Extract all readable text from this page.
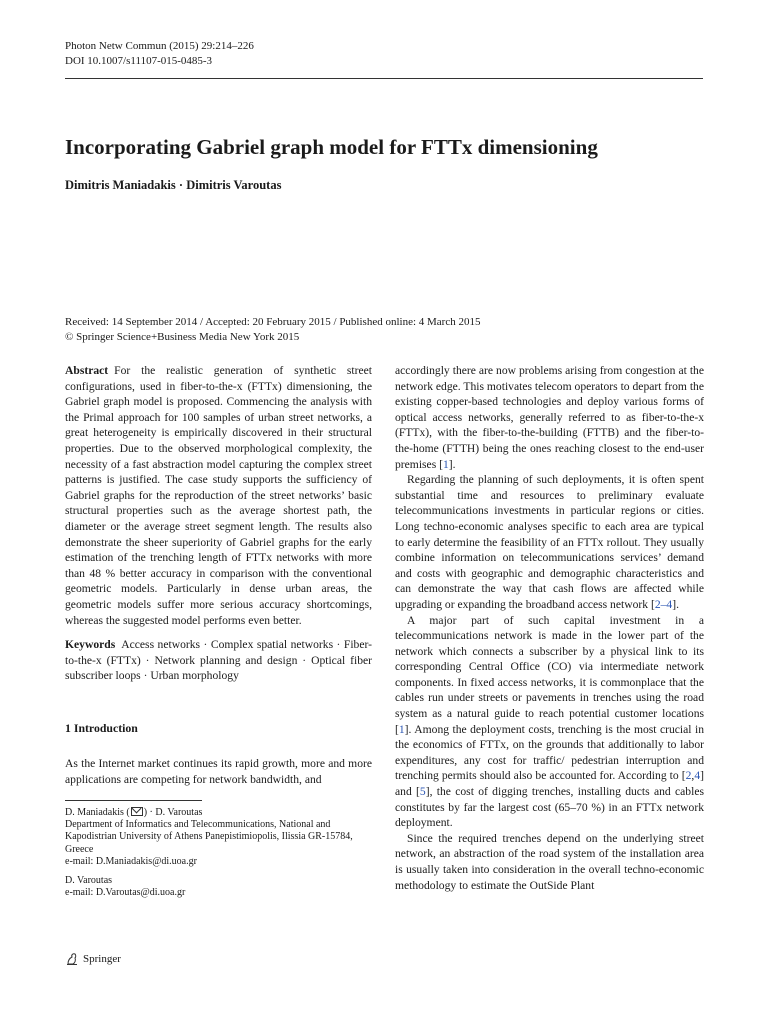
Photon Netw Commun (2015) 29:214–226
DOI 10.1007/s11107-015-0485-3
Incorporating Gabriel graph model for FTTx dimensioning
Dimitris Maniadakis · Dimitris Varoutas
Received: 14 September 2014 / Accepted: 20 February 2015 / Published online: 4 March 2015
© Springer Science+Business Media New York 2015

Abstract For the realistic generation of synthetic street configurations, used in fiber-to-the-x (FTTx) dimensioning, the Gabriel graph model is proposed. Commencing the analysis with the Primal approach for 100 samples of urban street networks, a great heterogeneity is empirically discovered in their structural properties. Due to the observed morphological complexity, the necessity of a fast abstraction model capturing the complex street patterns is justified. The case study supports the sufficiency of Gabriel graphs for the reproduction of the street networks’ basic structural properties such as the average shortest path, the diameter or the average street segment length. The results also demonstrate the sheer superiority of Gabriel graphs for the early estimation of the trenching length of FTTx networks with more than 48 % better accuracy in comparison with the conventional geometric models. Particularly in dense urban areas, the geometric models suffer more serious accuracy shortcomings, whereas the suggested model performs even better.

Keywords Access networks · Complex spatial networks · Fiber-to-the-x (FTTx) · Network planning and design · Optical fiber subscriber loops · Urban morphology

1 Introduction

As the Internet market continues its rapid growth, more and more applications are competing for network bandwidth, and

D. Maniadakis ( ) · D. Varoutas

Department of Informatics and Telecommunications, National and Kapodistrian University of Athens Panepistimiopolis, Ilissia GR-15784, Greece

e-mail: D.Maniadakis@di.uoa.gr

D. Varoutas

e-mail: D.Varoutas@di.uoa.gr

accordingly there are now problems arising from congestion at the network edge. This motivates telecom operators to depart from the existing copper-based technologies and deploy various forms of optical access networks, generally referred to as fiber-to-the-x (FTTx), with the fiber-to-the-building (FTTB) and the fiber-to-the-home (FTTH) being the ones reaching closest to the end-user premises [1].

Regarding the planning of such deployments, it is often spent substantial time and resources to preliminary evaluate telecommunications investments in particular regions or cities. Long techno-economic analyses specific to each area are typical to early determine the feasibility of an FTTx rollout. They usually combine information on telecommunications services’ demand and costs with geographic and demographic characteristics and can demonstrate the way that cash flows are affected while upgrading or expanding the broadband access network [2–4].

A major part of such capital investment in a telecommunications network is made in the lower part of the network which connects a subscriber by a physical link to its corresponding Central Office (CO) via intermediate network components. In fixed access networks, it is commonplace that the cables run under streets or pavements in trenches using the road system as a natural guide to reach potential customer locations [1]. Among the deployment costs, trenching is the most crucial in the economics of FTTx, on the grounds that additionally to labor expenditures, any cost for traffic/ pedestrian interruption and trenching permits should also be accounted for. According to [2,4] and [5], the cost of digging trenches, installing ducts and cables constitutes by far the largest cost (65–70 %) in an FTTx network deployment.

Since the required trenches depend on the underlying street network, an abstraction of the road system of the installation area is usually taken into consideration in the overall techno-economic methodology to estimate the OutSide Plant

Springer
